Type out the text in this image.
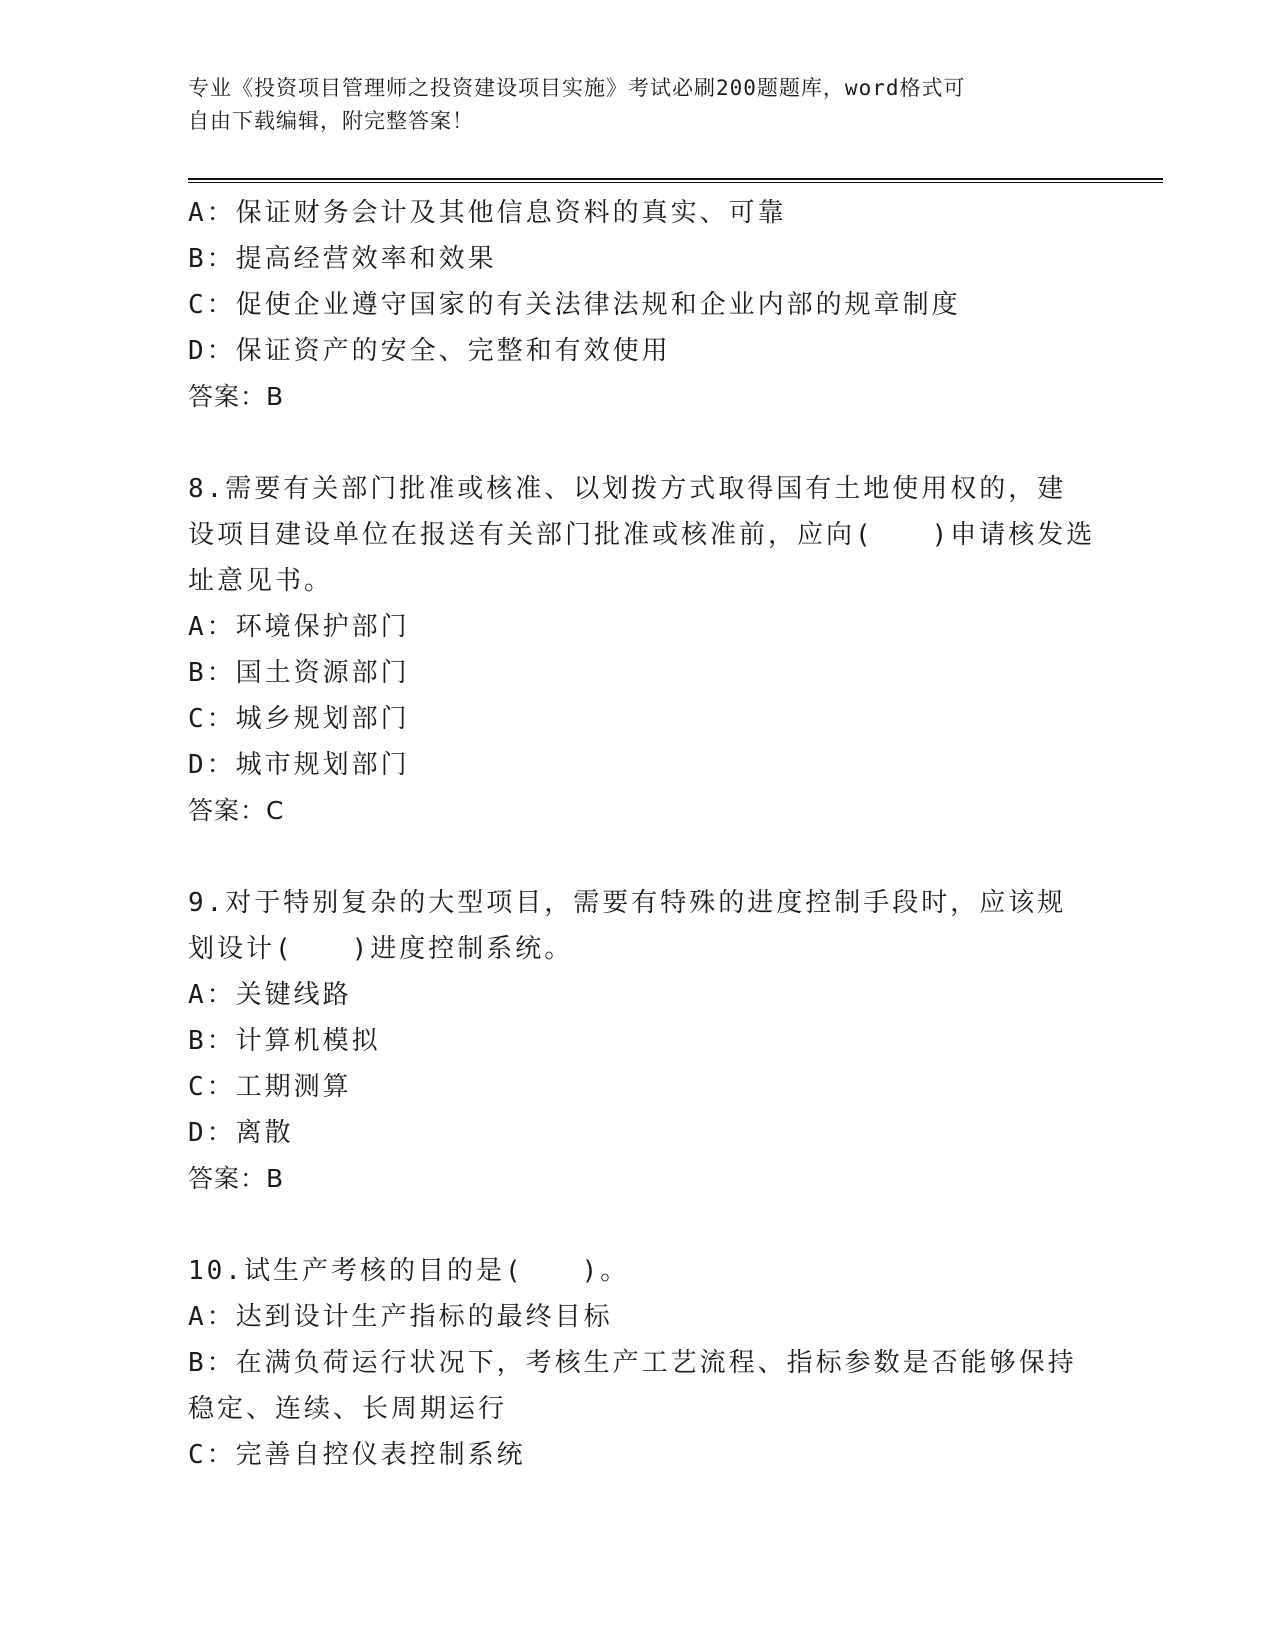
专业《投资项目管理师之投资建设项目实施》考试必刷200题题库，word格式可
自由下载编辑，附完整答案！
A：保证财务会计及其他信息资料的真实、可靠
B：提高经营效率和效果
C：促使企业遵守国家的有关法律法规和企业内部的规章制度
D：保证资产的安全、完整和有效使用
答案：B
8.需要有关部门批准或核准、以划拨方式取得国有土地使用权的，建
设项目建设单位在报送有关部门批准或核准前，应向(　　)申请核发选
址意见书。
A：环境保护部门
B：国土资源部门
C：城乡规划部门
D：城市规划部门
答案：C
9.对于特别复杂的大型项目，需要有特殊的进度控制手段时，应该规
划设计(　　)进度控制系统。
A：关键线路
B：计算机模拟
C：工期测算
D：离散
答案：B
10.试生产考核的目的是(　　)。
A：达到设计生产指标的最终目标
B：在满负荷运行状况下，考核生产工艺流程、指标参数是否能够保持
稳定、连续、长周期运行
C：完善自控仪表控制系统
